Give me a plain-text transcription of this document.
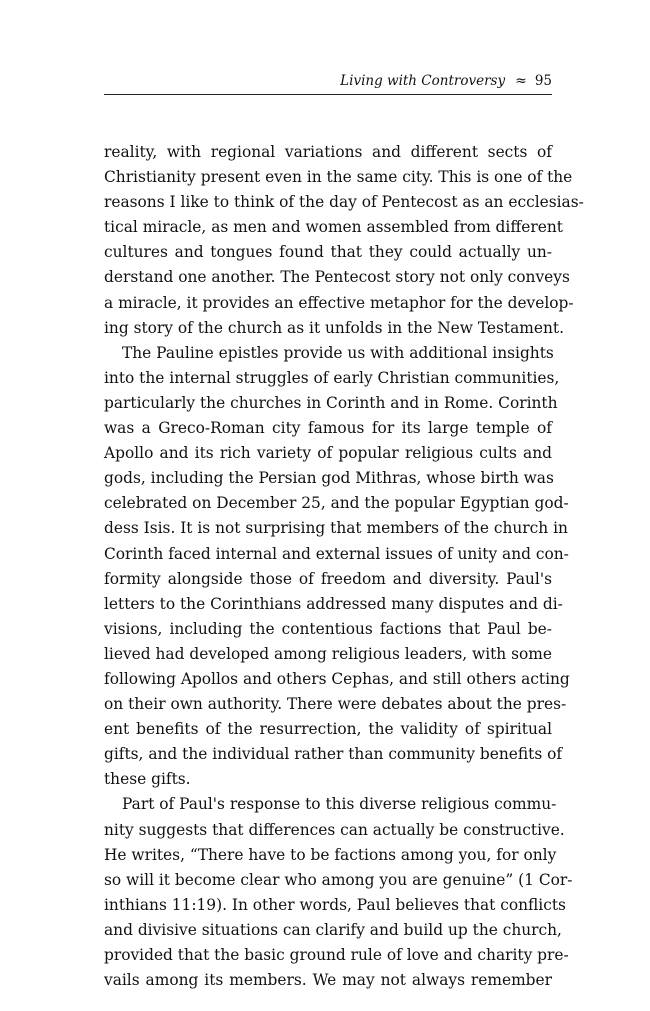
Living with Controversy ≈ 95
reality, with regional variations and different sects of
Christianity present even in the same city. This is one of the
reasons I like to think of the day of Pentecost as an ecclesias-
tical miracle, as men and women assembled from different
cultures and tongues found that they could actually un-
derstand one another. The Pentecost story not only conveys
a miracle, it provides an effective metaphor for the develop-
ing story of the church as it unfolds in the New Testament.
The Pauline epistles provide us with additional insights
into the internal struggles of early Christian communities,
particularly the churches in Corinth and in Rome. Corinth
was a Greco-Roman city famous for its large temple of
Apollo and its rich variety of popular religious cults and
gods, including the Persian god Mithras, whose birth was
celebrated on December 25, and the popular Egyptian god-
dess Isis. It is not surprising that members of the church in
Corinth faced internal and external issues of unity and con-
formity alongside those of freedom and diversity. Paul's
letters to the Corinthians addressed many disputes and di-
visions, including the contentious factions that Paul be-
lieved had developed among religious leaders, with some
following Apollos and others Cephas, and still others acting
on their own authority. There were debates about the pres-
ent benefits of the resurrection, the validity of spiritual
gifts, and the individual rather than community benefits of
these gifts.
Part of Paul's response to this diverse religious commu-
nity suggests that differences can actually be constructive.
He writes, “There have to be factions among you, for only
so will it become clear who among you are genuine” (1 Cor-
inthians 11:19). In other words, Paul believes that conflicts
and divisive situations can clarify and build up the church,
provided that the basic ground rule of love and charity pre-
vails among its members. We may not always remember
